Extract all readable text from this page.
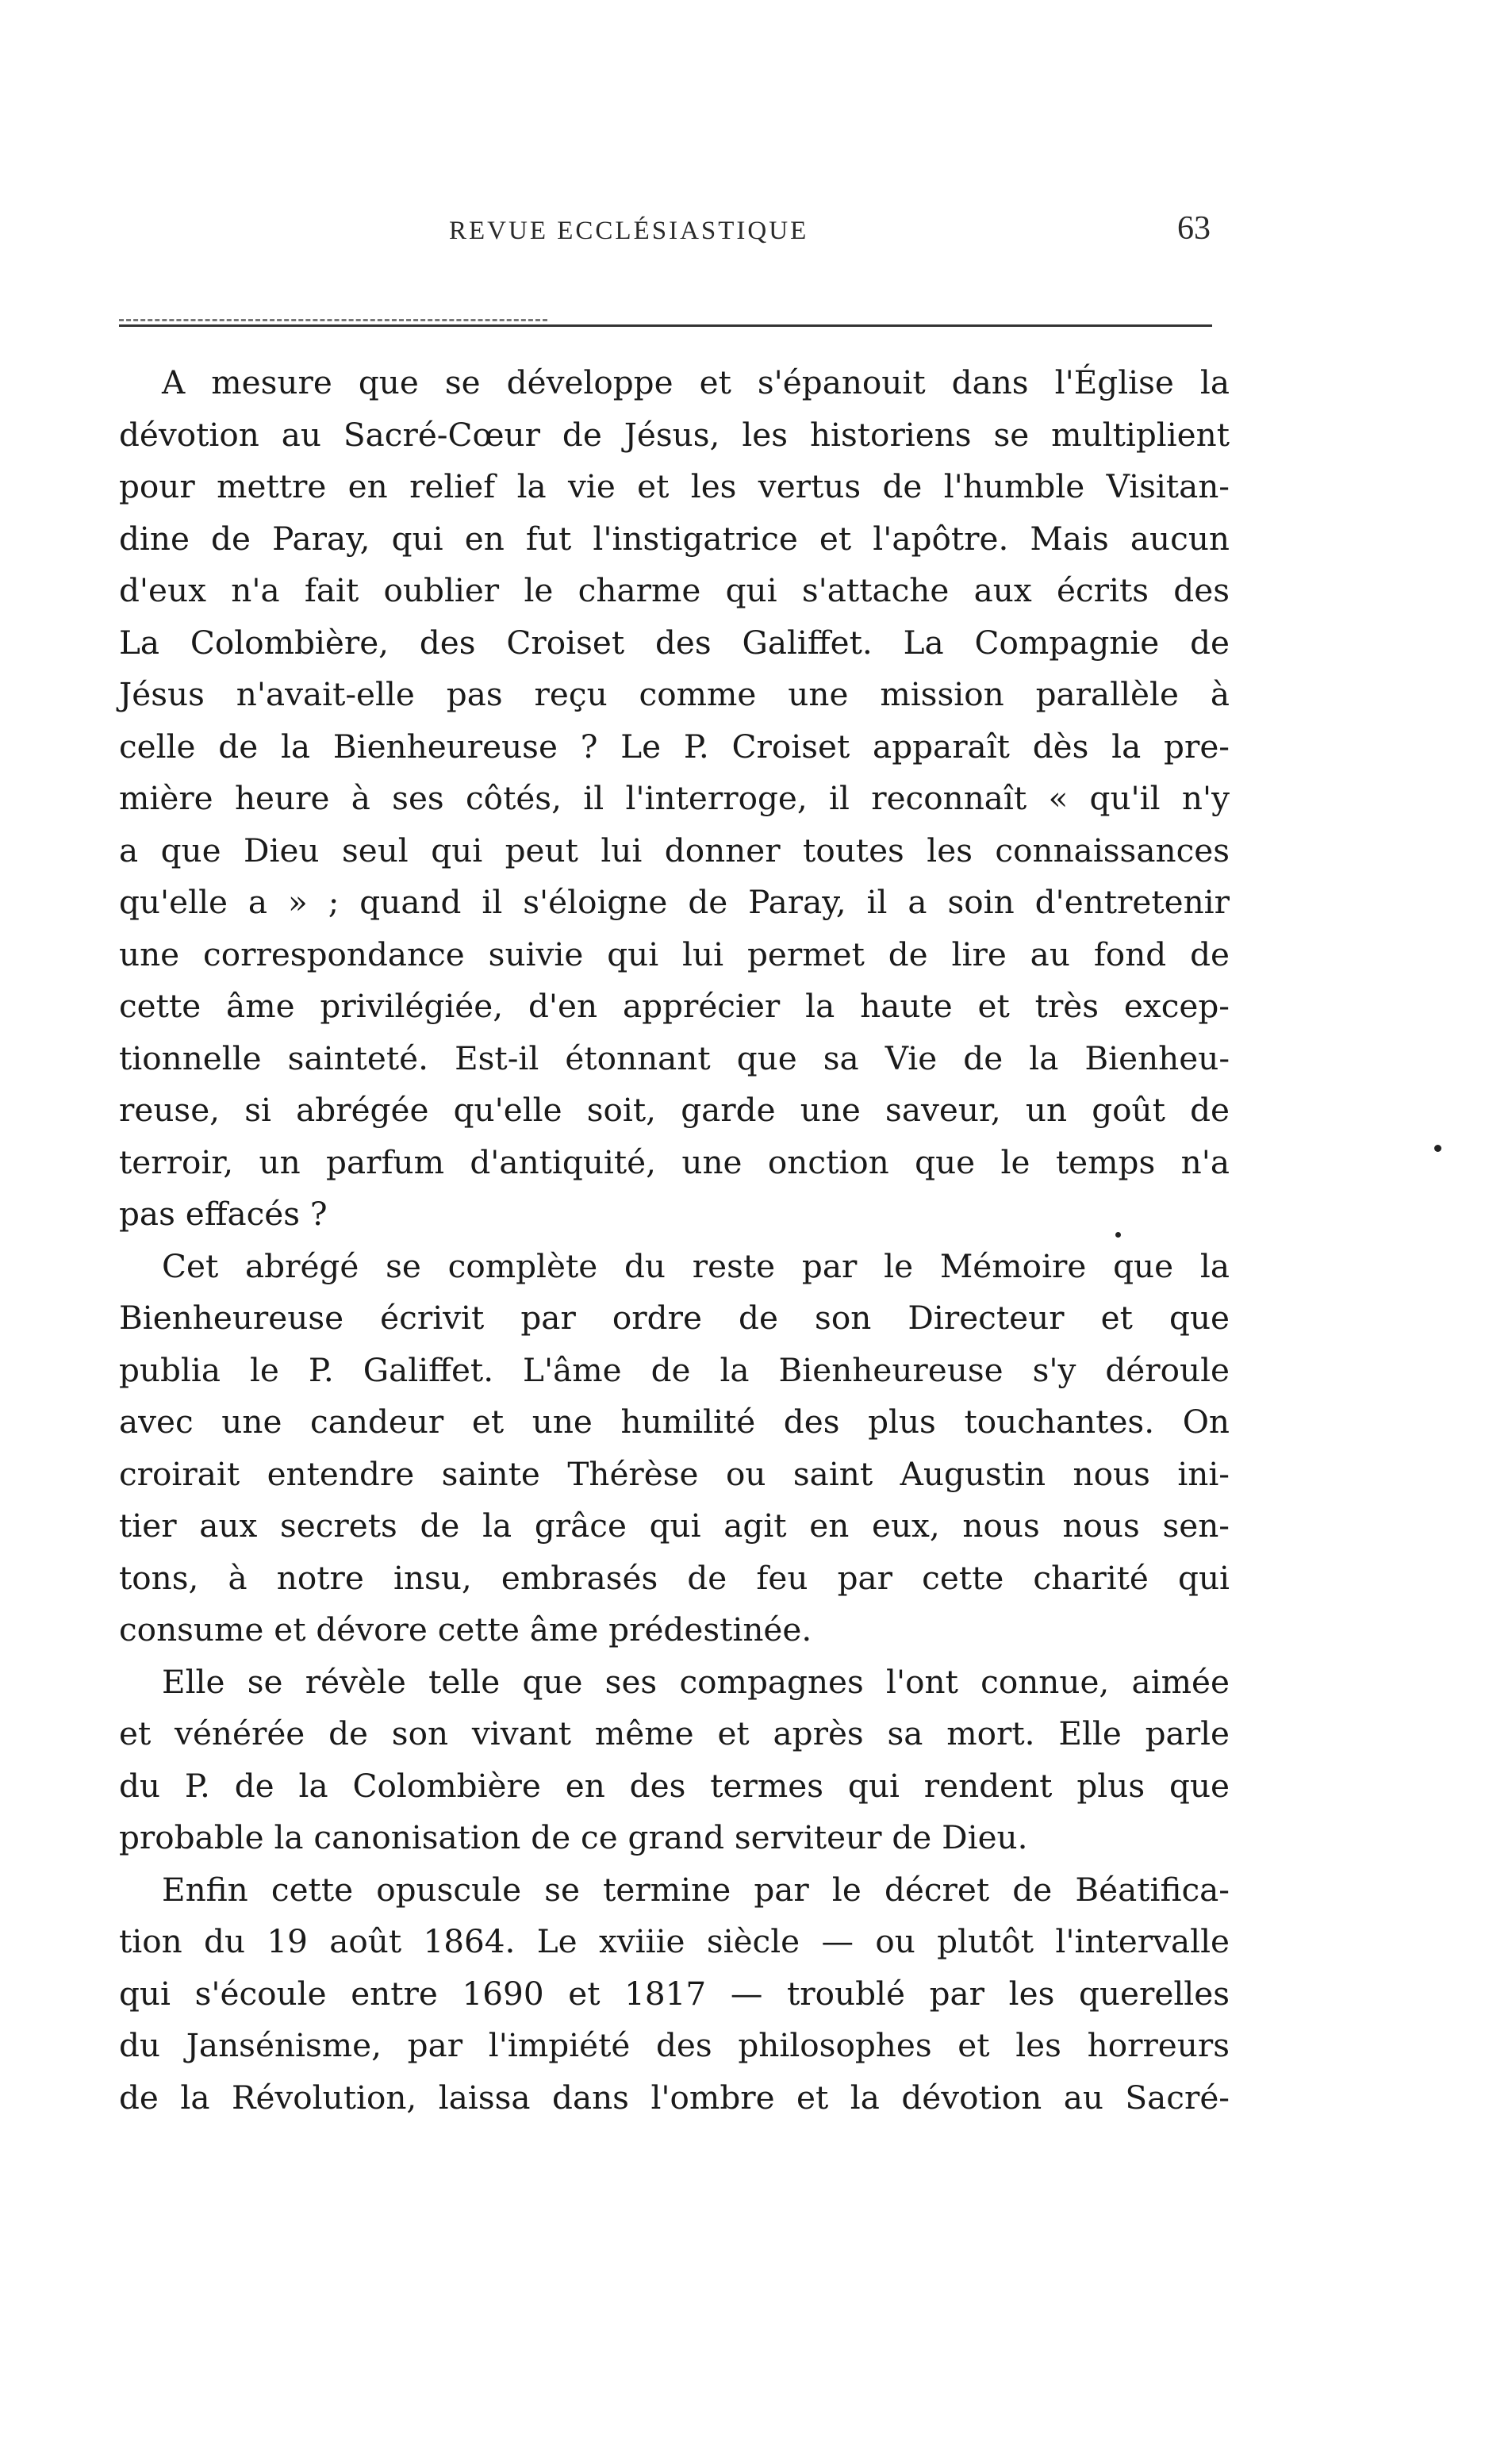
REVUE ECCLÉSIASTIQUE	63
A mesure que se développe et s'épanouit dans l'Église la
dévotion au Sacré-Cœur de Jésus, les historiens se multiplient
pour mettre en relief la vie et les vertus de l'humble Visitan-
dine de Paray, qui en fut l'instigatrice et l'apôtre. Mais aucun
d'eux n'a fait oublier le charme qui s'attache aux écrits des
La Colombière, des Croiset des Galiffet. La Compagnie de
Jésus n'avait-elle pas reçu comme une mission parallèle à
celle de la Bienheureuse ? Le P. Croiset apparaît dès la pre-
mière heure à ses côtés, il l'interroge, il reconnaît « qu'il n'y
a que Dieu seul qui peut lui donner toutes les connaissances
qu'elle a » ; quand il s'éloigne de Paray, il a soin d'entretenir
une correspondance suivie qui lui permet de lire au fond de
cette âme privilégiée, d'en apprécier la haute et très excep-
tionnelle sainteté. Est-il étonnant que sa Vie de la Bienheu-
reuse, si abrégée qu'elle soit, garde une saveur, un goût de
terroir, un parfum d'antiquité, une onction que le temps n'a
pas effacés ?
Cet abrégé se complète du reste par le Mémoire que la
Bienheureuse écrivit par ordre de son Directeur et que
publia le P. Galiffet. L'âme de la Bienheureuse s'y déroule
avec une candeur et une humilité des plus touchantes. On
croirait entendre sainte Thérèse ou saint Augustin nous ini-
tier aux secrets de la grâce qui agit en eux, nous nous sen-
tons, à notre insu, embrasés de feu par cette charité qui
consume et dévore cette âme prédestinée.
Elle se révèle telle que ses compagnes l'ont connue, aimée
et vénérée de son vivant même et après sa mort. Elle parle
du P. de la Colombière en des termes qui rendent plus que
probable la canonisation de ce grand serviteur de Dieu.
Enfin cette opuscule se termine par le décret de Béatifica-
tion du 19 août 1864. Le xviiie siècle — ou plutôt l'intervalle
qui s'écoule entre 1690 et 1817 — troublé par les querelles
du Jansénisme, par l'impiété des philosophes et les horreurs
de la Révolution, laissa dans l'ombre et la dévotion au Sacré-
